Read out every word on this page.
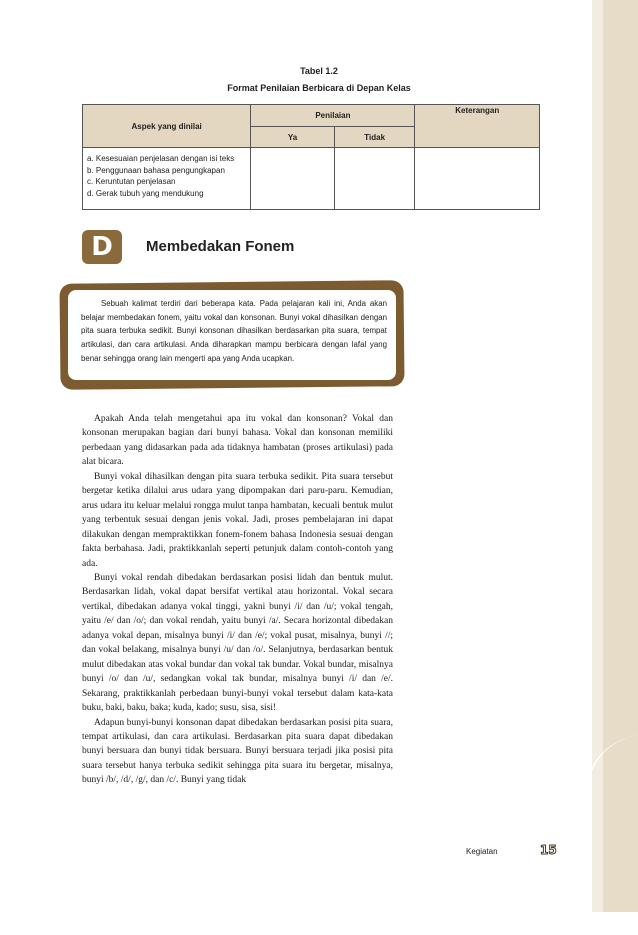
Tabel 1.2
Format Penilaian Berbicara di Depan Kelas
Aspek yang dinilai	Penilaian		Keterangan

	Ya	Tidak	

a. Kesesuaian penjelasan dengan isi teks
b. Penggunaan bahasa pengungkapan
c. Keruntutan penjelasan
d. Gerak tubuh yang mendukung			

D	Membedakan Fonem
Sebuah kalimat terdiri dari beberapa kata. Pada pelajaran kali ini, Anda akan belajar membedakan fonem, yaitu vokal dan konsonan. Bunyi vokal dihasilkan dengan pita suara terbuka sedikit. Bunyi konsonan dihasilkan berdasarkan pita suara, tempat artikulasi, dan cara artikulasi. Anda diharapkan mampu berbicara dengan lafal yang benar sehingga orang lain mengerti apa yang Anda ucapkan.

Apakah Anda telah mengetahui apa itu vokal dan konsonan? Vokal dan konsonan merupakan bagian dari bunyi bahasa. Vokal dan konsonan memiliki perbedaan yang didasarkan pada ada tidaknya hambatan (proses artikulasi) pada alat bicara.

Bunyi vokal dihasilkan dengan pita suara terbuka sedikit. Pita suara tersebut bergetar ketika dilalui arus udara yang dipompakan dari paru-paru. Kemudian, arus udara itu keluar melalui rongga mulut tanpa hambatan, kecuali bentuk mulut yang terbentuk sesuai dengan jenis vokal. Jadi, proses pembelajaran ini dapat dilakukan dengan mempraktikkan fonem-fonem bahasa Indonesia sesuai dengan fakta berbahasa. Jadi, praktikkanlah seperti petunjuk dalam contoh-contoh yang ada.

Bunyi vokal rendah dibedakan berdasarkan posisi lidah dan bentuk mulut. Berdasarkan lidah, vokal dapat bersifat vertikal atau horizontal. Vokal secara vertikal, dibedakan adanya vokal tinggi, yakni bunyi /i/ dan /u/; vokal tengah, yaitu /e/ dan /o/; dan vokal rendah, yaitu bunyi /a/. Secara horizontal dibedakan adanya vokal depan, misalnya bunyi /i/ dan /e/; vokal pusat, misalnya, bunyi //; dan vokal belakang, misalnya bunyi /u/ dan /o/. Selanjutnya, berdasarkan bentuk mulut dibedakan atas vokal bundar dan vokal tak bundar. Vokal bundar, misalnya bunyi /o/ dan /u/, sedangkan vokal tak bundar, misalnya bunyi /i/ dan /e/. Sekarang, praktikkanlah perbedaan bunyi-bunyi vokal tersebut dalam kata-kata buku, baki, baku, baka; kuda, kado; susu, sisa, sisi!

Adapun bunyi-bunyi konsonan dapat dibedakan berdasarkan posisi pita suara, tempat artikulasi, dan cara artikulasi. Berdasarkan pita suara dapat dibedakan bunyi bersuara dan bunyi tidak bersuara. Bunyi bersuara terjadi jika posisi pita suara tersebut hanya terbuka sedikit sehingga pita suara itu bergetar, misalnya, bunyi /b/, /d/, /g/, dan /c/. Bunyi yang tidak

Kegiatan	15
